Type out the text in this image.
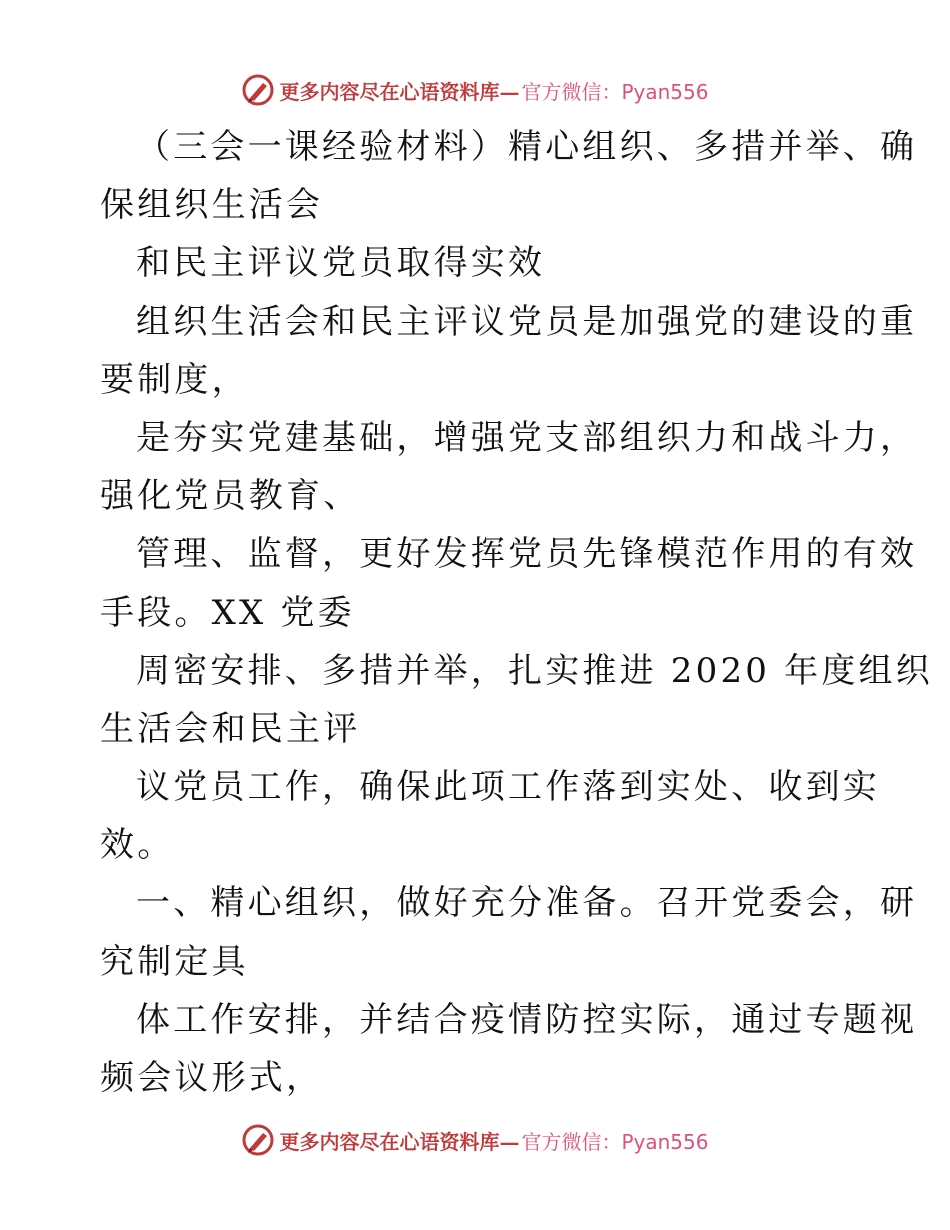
更多内容尽在心语资料库— 官方微信：Pyan556
（三会一课经验材料）精心组织、多措并举、确
保组织生活会
和民主评议党员取得实效
组织生活会和民主评议党员是加强党的建设的重
要制度，
是夯实党建基础，增强党支部组织力和战斗力，
强化党员教育、
管理、监督，更好发挥党员先锋模范作用的有效
手段。XX 党委
周密安排、多措并举，扎实推进 2020 年度组织
生活会和民主评
议党员工作，确保此项工作落到实处、收到实
效。
一、精心组织，做好充分准备。召开党委会，研
究制定具
体工作安排，并结合疫情防控实际，通过专题视
频会议形式，
更多内容尽在心语资料库— 官方微信：Pyan556
